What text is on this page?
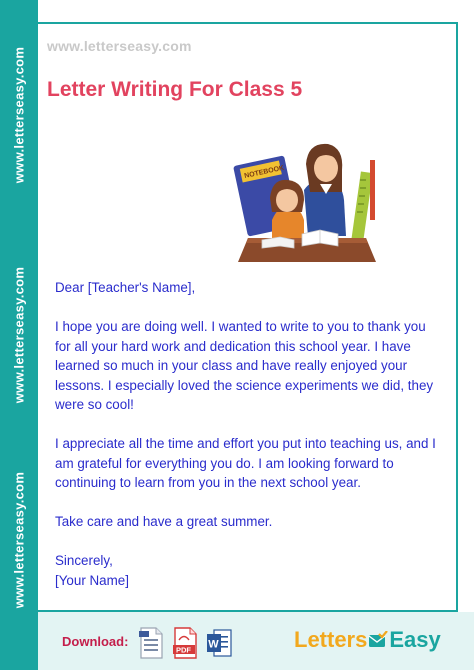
www.letterseasy.com
www.letterseasy.com
www.letterseasy.com
www.letterseasy.com
Letter Writing For Class 5
NOTEBOOK

Dear [Teacher's Name],

I hope you are doing well. I wanted to write to you to thank you for all your hard work and dedication this school year. I have learned so much in your class and have really enjoyed your lessons. I especially loved the science experiments we did, they were so cool!

I appreciate all the time and effort you put into teaching us, and I am grateful for everything you do. I am looking forward to continuing to learn from you in the next school year.

Take care and have a great summer.

Sincerely,

[Your Name]

Download:
PDF W	Letters Easy
